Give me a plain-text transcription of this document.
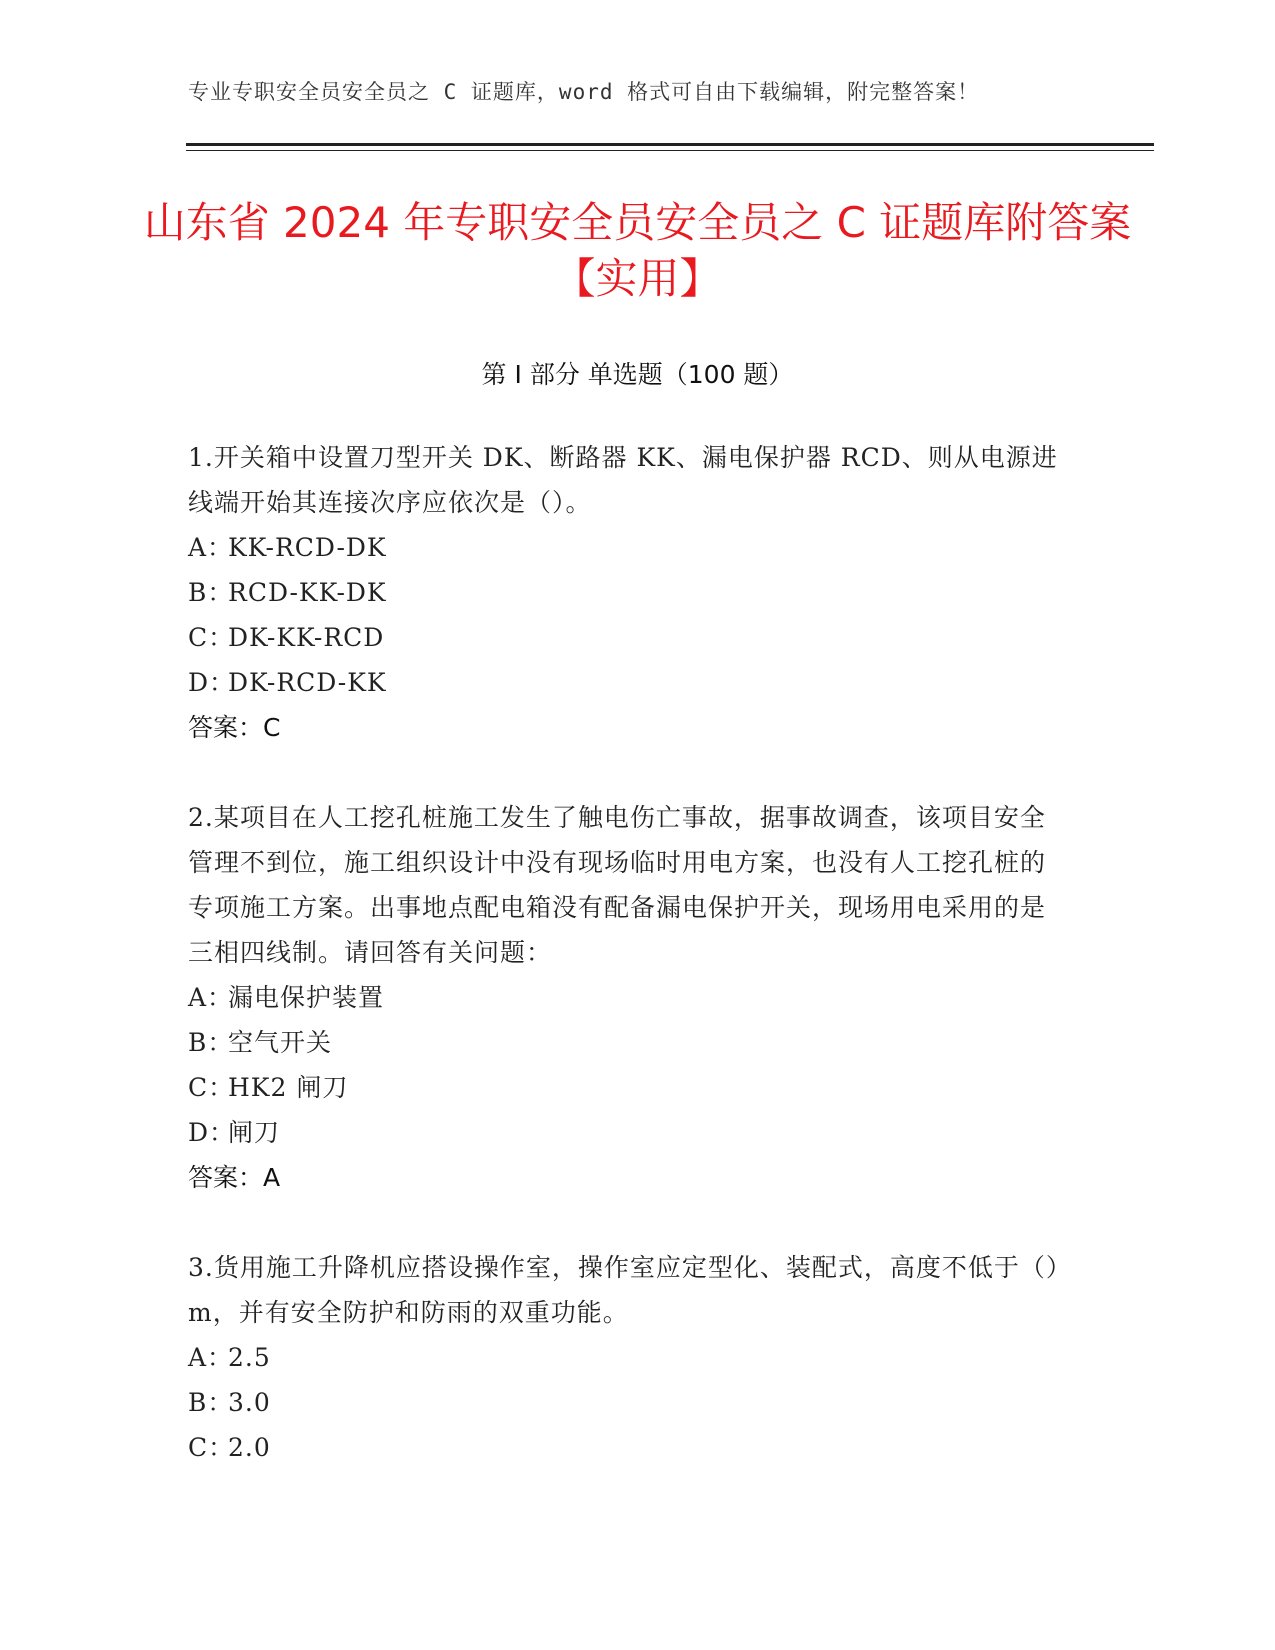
专业专职安全员安全员之 C 证题库，word 格式可自由下载编辑，附完整答案！
山东省 2024 年专职安全员安全员之 C 证题库附答案【实用】
第 I 部分 单选题（100 题）
1.开关箱中设置刀型开关 DK、断路器 KK、漏电保护器 RCD、则从电源进线端开始其连接次序应依次是（）。
A：
KK-RCD-DK
B：
RCD-KK-DK
C：
DK-KK-RCD
D：
DK-RCD-KK
答案：C
2.某项目在人工挖孔桩施工发生了触电伤亡事故，据事故调查，该项目安全管理不到位，施工组织设计中没有现场临时用电方案，也没有人工挖孔桩的专项施工方案。出事地点配电箱没有配备漏电保护开关，现场用电采用的是三相四线制。请回答有关问题：
A：
漏电保护装置
B：
空气开关
C：
HK2 闸刀
D：
闸刀
答案：A
3.货用施工升降机应搭设操作室，操作室应定型化、装配式，高度不低于（）m，并有安全防护和防雨的双重功能。
A：
2.5
B：
3.0
C：
2.0
